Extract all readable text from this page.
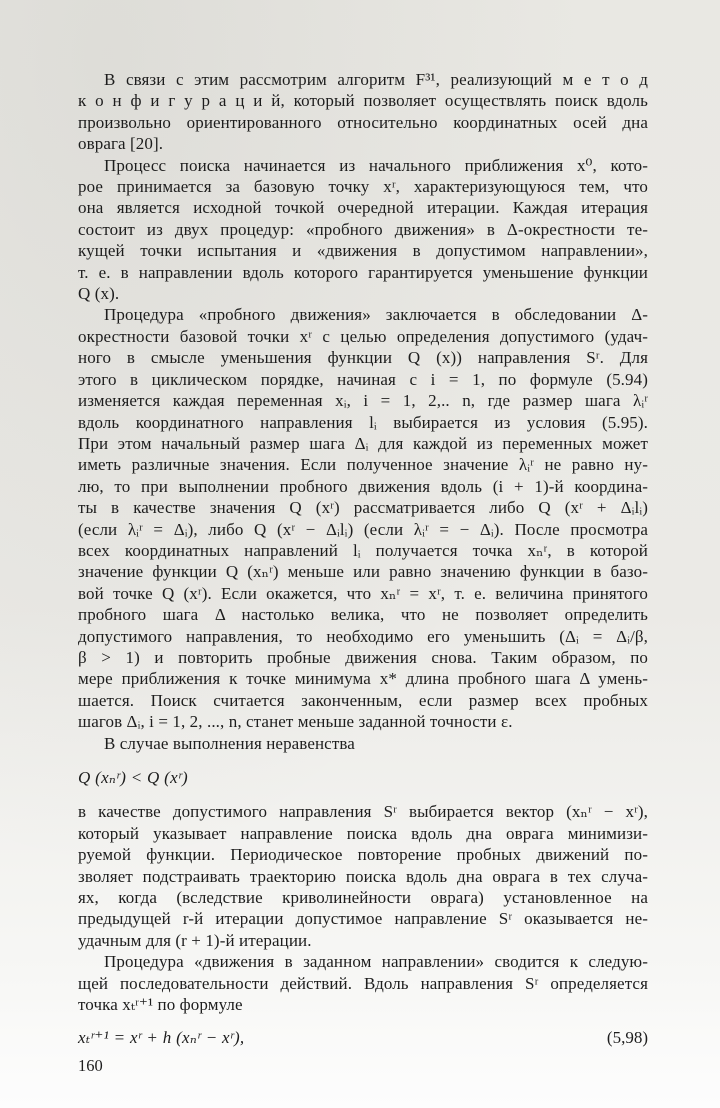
В связи с этим рассмотрим алгоритм F³¹, реализующий м е т о д
к о н ф и г у р а ц и й, который позволяет осуществлять поиск вдоль
произвольно ориентированного относительно координатных осей дна
оврага [20].
Процесс поиска начинается из начального приближения x⁰, кото-
рое принимается за базовую точку xʳ, характеризующуюся тем, что
она является исходной точкой очередной итерации. Каждая итерация
состоит из двух процедур: «пробного движения» в Δ-окрестности те-
кущей точки испытания и «движения в допустимом направлении»,
т. е. в направлении вдоль которого гарантируется уменьшение функции
Q (x).
Процедура «пробного движения» заключается в обследовании Δ-
окрестности базовой точки xʳ с целью определения допустимого (удач-
ного в смысле уменьшения функции Q (x)) направления Sʳ. Для
этого в циклическом порядке, начиная с i = 1, по формуле (5.94)
изменяется каждая переменная xᵢ, i = 1, 2,.. n, где размер шага λᵢʳ
вдоль координатного направления lᵢ выбирается из условия (5.95).
При этом начальный размер шага Δᵢ для каждой из переменных может
иметь различные значения. Если полученное значение λᵢʳ не равно ну-
лю, то при выполнении пробного движения вдоль (i + 1)-й координа-
ты в качестве значения Q (xʳ) рассматривается либо Q (xʳ + Δᵢlᵢ)
(если λᵢʳ = Δᵢ), либо Q (xʳ − Δᵢlᵢ) (если λᵢʳ = − Δᵢ). После просмотра
всех координатных направлений lᵢ получается точка xₙʳ, в которой
значение функции Q (xₙʳ) меньше или равно значению функции в базо-
вой точке Q (xʳ). Если окажется, что xₙʳ = xʳ, т. е. величина принятого
пробного шага Δ настолько велика, что не позволяет определить
допустимого направления, то необходимо его уменьшить (Δᵢ = Δᵢ/β,
β > 1) и повторить пробные движения снова. Таким образом, по
мере приближения к точке минимума x* длина пробного шага Δ умень-
шается. Поиск считается законченным, если размер всех пробных
шагов Δᵢ, i = 1, 2, ..., n, станет меньше заданной точности ε.
В случае выполнения неравенства
Q (xₙʳ) < Q (xʳ)
в качестве допустимого направления Sʳ выбирается вектор (xₙʳ − xʳ),
который указывает направление поиска вдоль дна оврага минимизи-
руемой функции. Периодическое повторение пробных движений по-
зволяет подстраивать траекторию поиска вдоль дна оврага в тех случа-
ях, когда (вследствие криволинейности оврага) установленное на
предыдущей r-й итерации допустимое направление Sʳ оказывается не-
удачным для (r + 1)-й итерации.
Процедура «движения в заданном направлении» сводится к следую-
щей последовательности действий. Вдоль направления Sʳ определяется
точка xₜʳ⁺¹ по формуле
xₜʳ⁺¹ = xʳ + h (xₙʳ − xʳ),	(5,98)
160
